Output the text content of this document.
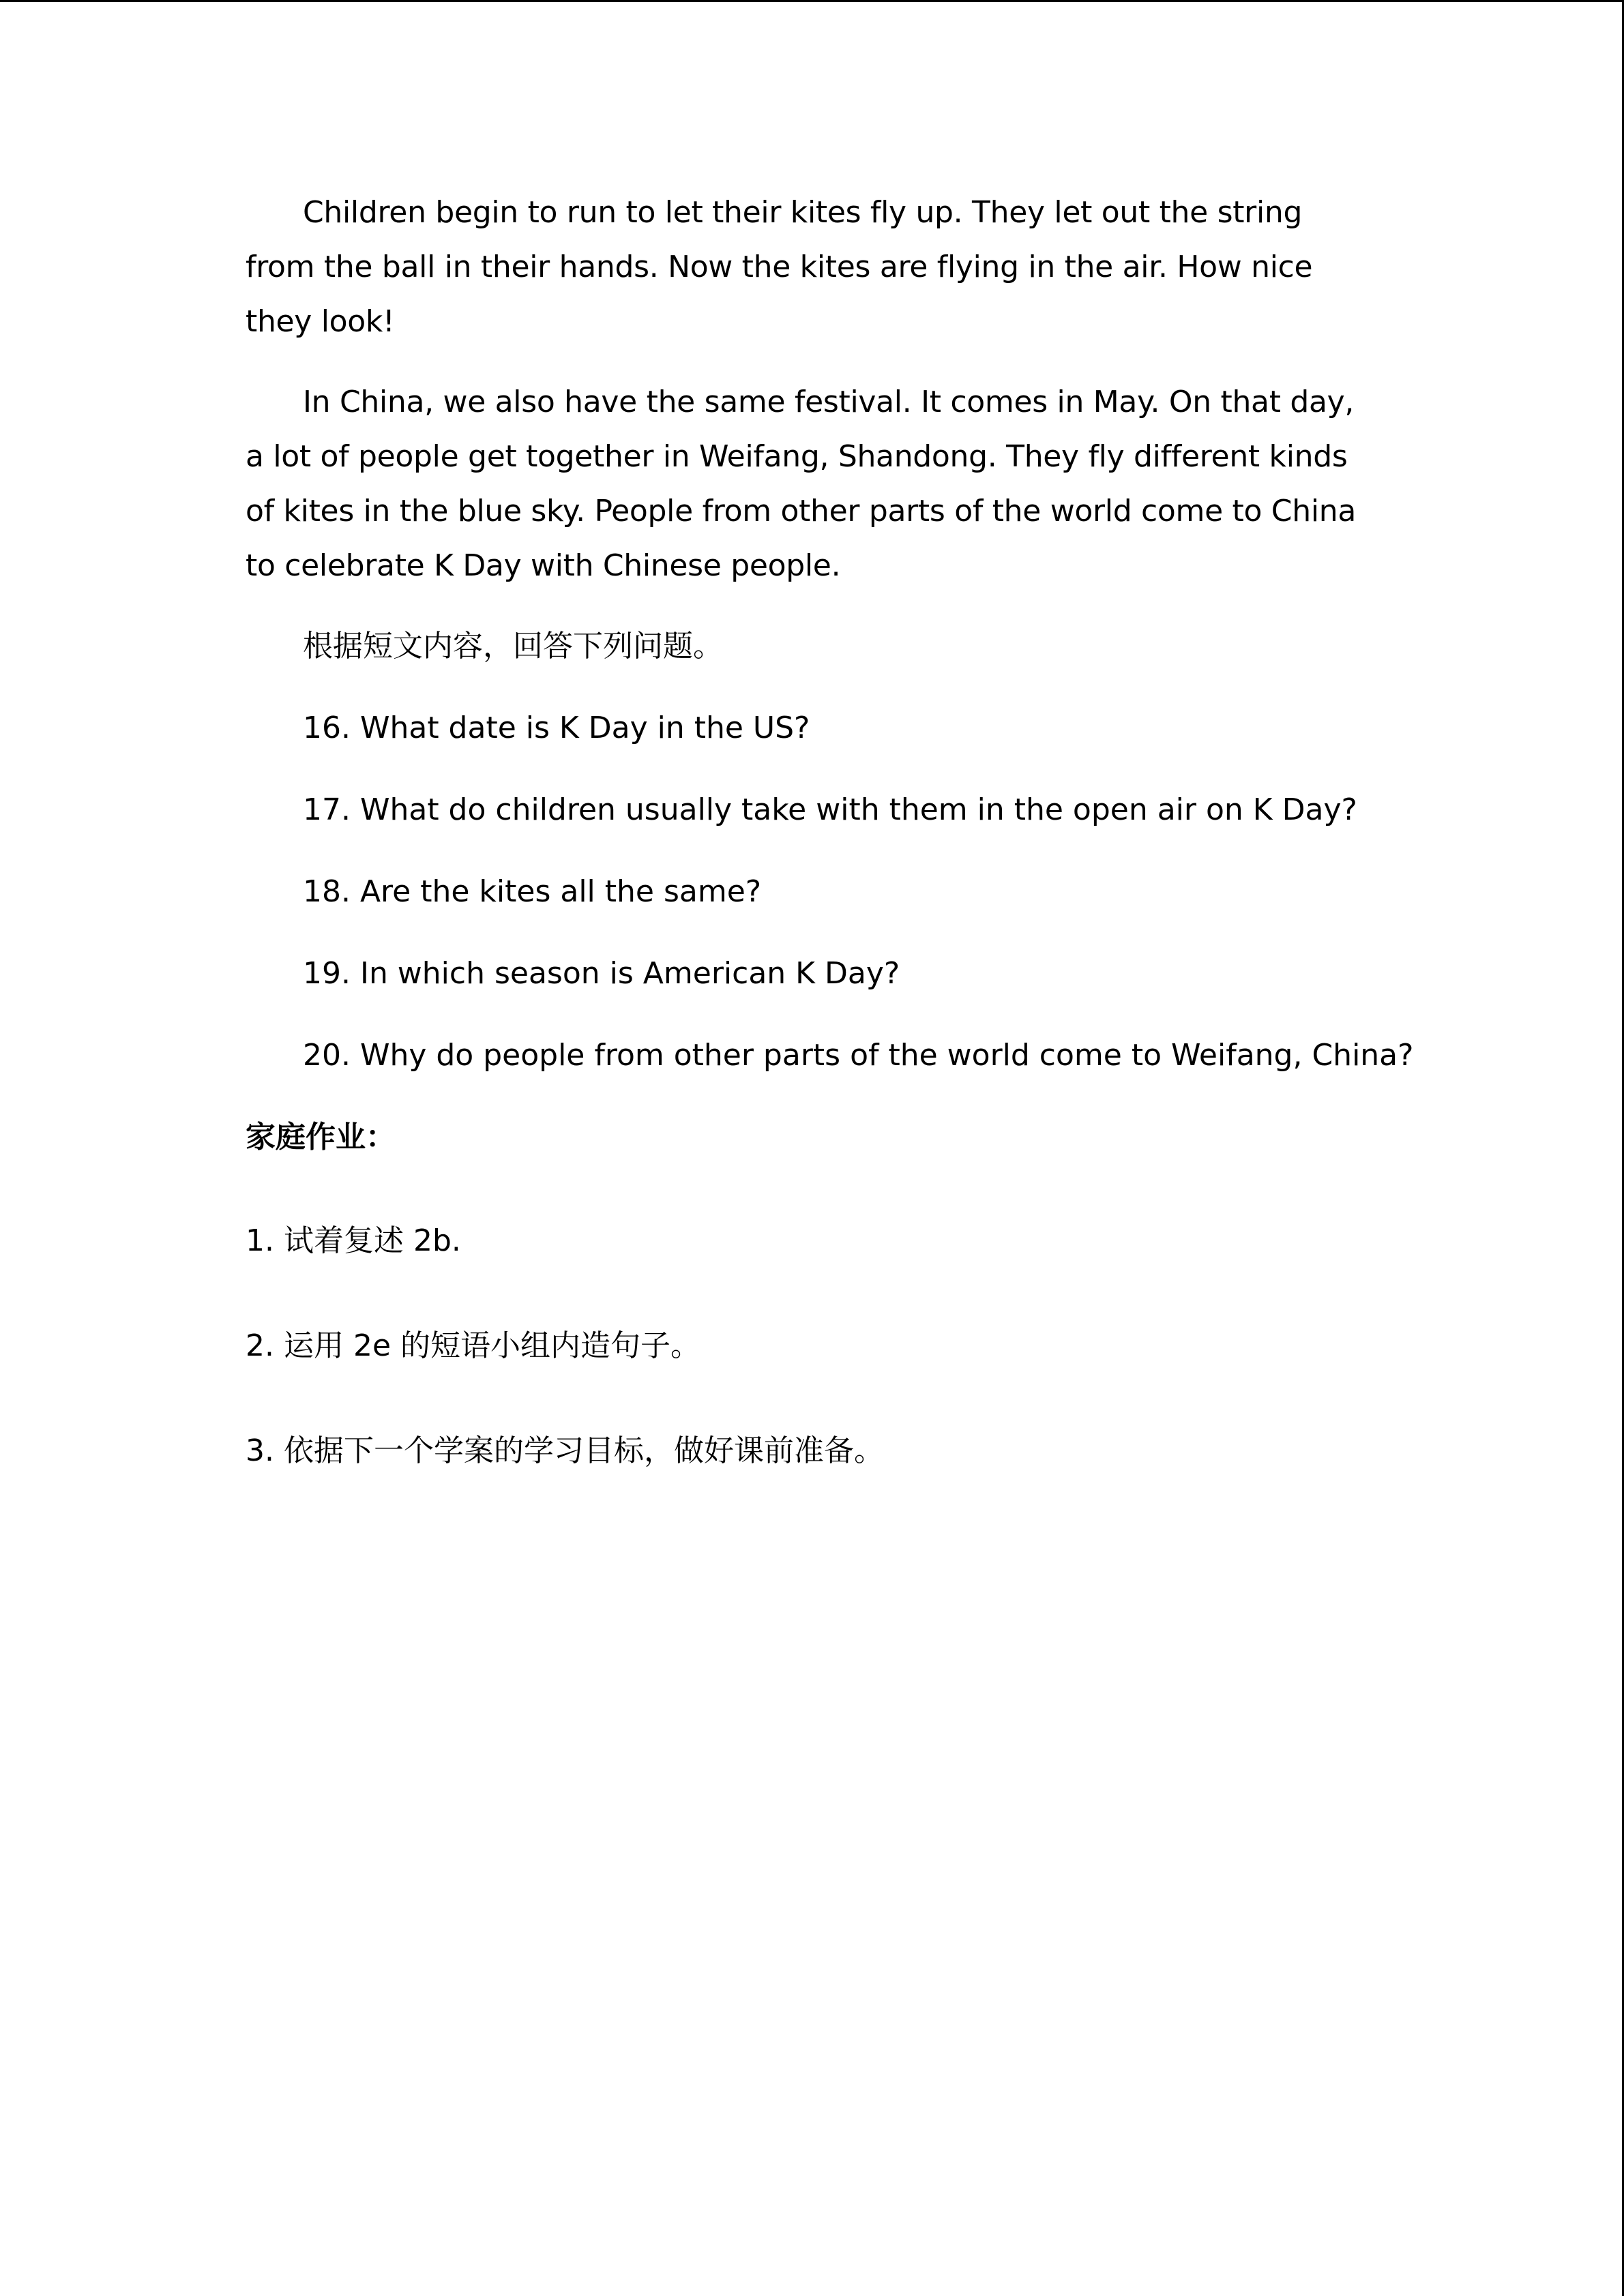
Children begin to run to let their kites fly up. They let out the string from the ball in their hands. Now the kites are flying in the air. How nice they look!

In China, we also have the same festival. It comes in May. On that day, a lot of people get together in Weifang, Shandong. They fly different kinds of kites in the blue sky. People from other parts of the world come to China to celebrate K Day with Chinese people.

根据短文内容，回答下列问题。

16. What date is K Day in the US?
17. What do children usually take with them in the open air on K Day?
18. Are the kites all the same?
19. In which season is American K Day?
20. Why do people from other parts of the world come to Weifang, China?

家庭作业：

1. 试着复述 2b.
2. 运用 2e 的短语小组内造句子。
3. 依据下一个学案的学习目标，做好课前准备。
